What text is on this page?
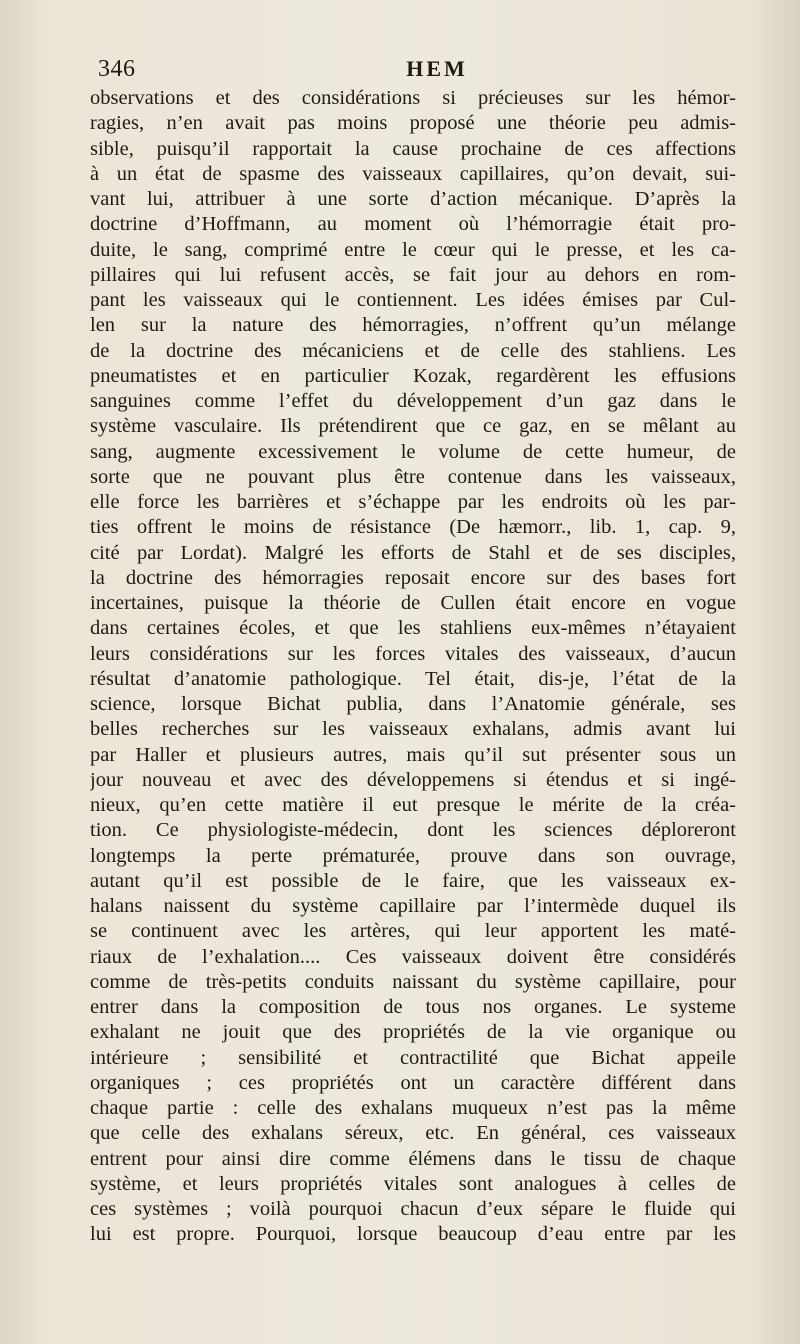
346	HEM
observations et des considérations si précieuses sur les hémor-
ragies, n’en avait pas moins proposé une théorie peu admis-
sible, puisqu’il rapportait la cause prochaine de ces affections
à un état de spasme des vaisseaux capillaires, qu’on devait, sui-
vant lui, attribuer à une sorte d’action mécanique. D’après la
doctrine d’Hoffmann, au moment où l’hémorragie était pro-
duite, le sang, comprimé entre le cœur qui le presse, et les ca-
pillaires qui lui refusent accès, se fait jour au dehors en rom-
pant les vaisseaux qui le contiennent. Les idées émises par Cul-
len sur la nature des hémorragies, n’offrent qu’un mélange
de la doctrine des mécaniciens et de celle des stahliens. Les
pneumatistes et en particulier Kozak, regardèrent les effusions
sanguines comme l’effet du développement d’un gaz dans le
système vasculaire. Ils prétendirent que ce gaz, en se mêlant au
sang, augmente excessivement le volume de cette humeur, de
sorte que ne pouvant plus être contenue dans les vaisseaux,
elle force les barrières et s’échappe par les endroits où les par-
ties offrent le moins de résistance (De hæmorr., lib. 1, cap. 9,
cité par Lordat). Malgré les efforts de Stahl et de ses disciples,
la doctrine des hémorragies reposait encore sur des bases fort
incertaines, puisque la théorie de Cullen était encore en vogue
dans certaines écoles, et que les stahliens eux-mêmes n’étayaient
leurs considérations sur les forces vitales des vaisseaux, d’aucun
résultat d’anatomie pathologique. Tel était, dis-je, l’état de la
science, lorsque Bichat publia, dans l’Anatomie générale, ses
belles recherches sur les vaisseaux exhalans, admis avant lui
par Haller et plusieurs autres, mais qu’il sut présenter sous un
jour nouveau et avec des développemens si étendus et si ingé-
nieux, qu’en cette matière il eut presque le mérite de la créa-
tion. Ce physiologiste-médecin, dont les sciences déploreront
longtemps la perte prématurée, prouve dans son ouvrage,
autant qu’il est possible de le faire, que les vaisseaux ex-
halans naissent du système capillaire par l’intermède duquel ils
se continuent avec les artères, qui leur apportent les maté-
riaux de l’exhalation.... Ces vaisseaux doivent être considérés
comme de très-petits conduits naissant du système capillaire, pour
entrer dans la composition de tous nos organes. Le systeme
exhalant ne jouit que des propriétés de la vie organique ou
intérieure ; sensibilité et contractilité que Bichat appeile
organiques ; ces propriétés ont un caractère différent dans
chaque partie : celle des exhalans muqueux n’est pas la même
que celle des exhalans séreux, etc. En général, ces vaisseaux
entrent pour ainsi dire comme élémens dans le tissu de chaque
système, et leurs propriétés vitales sont analogues à celles de
ces systèmes ; voilà pourquoi chacun d’eux sépare le fluide qui
lui est propre. Pourquoi, lorsque beaucoup d’eau entre par les
